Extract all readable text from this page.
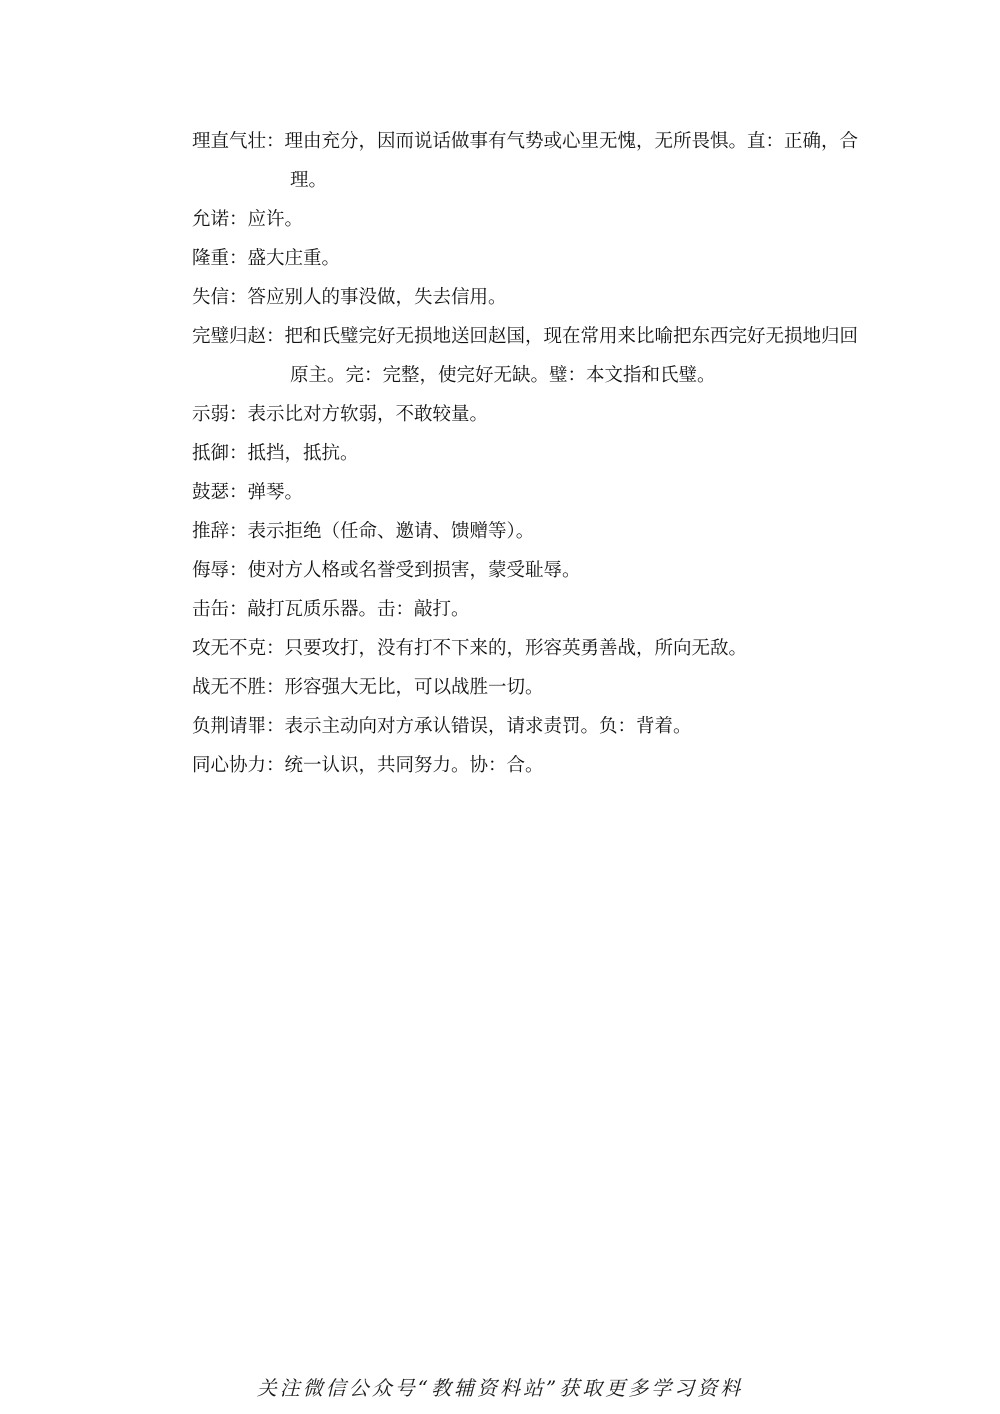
理直气壮：理由充分，因而说话做事有气势或心里无愧，无所畏惧。直：正确，合理。

允诺：应许。

隆重：盛大庄重。

失信：答应别人的事没做，失去信用。

完璧归赵：把和氏璧完好无损地送回赵国，现在常用来比喻把东西完好无损地归回原主。完：完整，使完好无缺。璧：本文指和氏璧。

示弱：表示比对方软弱，不敢较量。

抵御：抵挡，抵抗。

鼓瑟：弹琴。

推辞：表示拒绝（任命、邀请、馈赠等）。

侮辱：使对方人格或名誉受到损害，蒙受耻辱。

击缶：敲打瓦质乐器。击：敲打。

攻无不克：只要攻打，没有打不下来的，形容英勇善战，所向无敌。

战无不胜：形容强大无比，可以战胜一切。

负荆请罪：表示主动向对方承认错误，请求责罚。负：背着。

同心协力：统一认识，共同努力。协：合。

关注微信公众号“教辅资料站”获取更多学习资料
